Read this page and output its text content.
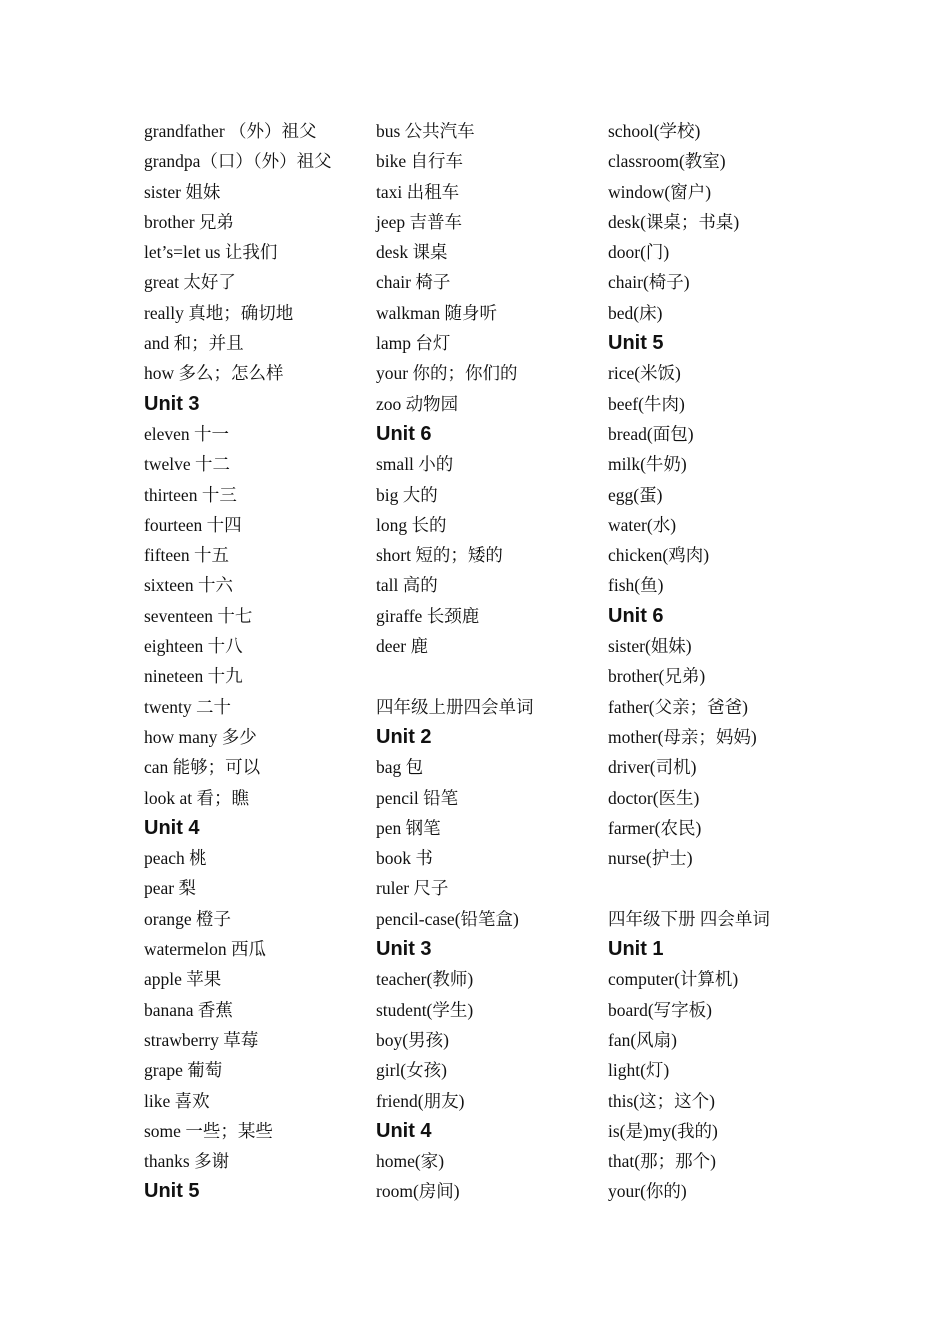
grandfather （外）祖父
grandpa（口）（外）祖父
sister 姐妹
brother 兄弟
let’s=let us 让我们
great 太好了
really 真地；确切地
and 和；并且
how 多么；怎么样
Unit 3
eleven 十一
twelve 十二
thirteen 十三
fourteen 十四
fifteen 十五
sixteen 十六
seventeen 十七
eighteen 十八
nineteen 十九
twenty 二十
how many 多少
can 能够；可以
look at 看；瞧
Unit 4
peach 桃
pear 梨
orange 橙子
watermelon 西瓜
apple 苹果
banana 香蕉
strawberry 草莓
grape 葡萄
like 喜欢
some 一些；某些
thanks 多谢
Unit 5
bus 公共汽车
bike 自行车
taxi 出租车
jeep 吉普车
desk 课桌
chair 椅子
walkman 随身听
lamp 台灯
your 你的；你们的
zoo 动物园
Unit 6
small 小的
big 大的
long 长的
short 短的；矮的
tall 高的
giraffe 长颈鹿
deer 鹿
四年级上册四会单词
Unit 2
bag 包
pencil 铅笔
pen 钢笔
book 书
ruler 尺子
pencil-case(铅笔盒)
Unit 3
teacher(教师)
student(学生)
boy(男孩)
girl(女孩)
friend(朋友)
Unit 4
home(家)
room(房间)
school(学校)
classroom(教室)
window(窗户)
desk(课桌；书桌)
door(门)
chair(椅子)
bed(床)
Unit 5
rice(米饭)
beef(牛肉)
bread(面包)
milk(牛奶)
egg(蛋)
water(水)
chicken(鸡肉)
fish(鱼)
Unit 6
sister(姐妹)
brother(兄弟)
father(父亲；爸爸)
mother(母亲；妈妈)
driver(司机)
doctor(医生)
farmer(农民)
nurse(护士)
四年级下册 四会单词
Unit 1
computer(计算机)
board(写字板)
fan(风扇)
light(灯)
this(这；这个)
is(是)my(我的)
that(那；那个)
your(你的)
